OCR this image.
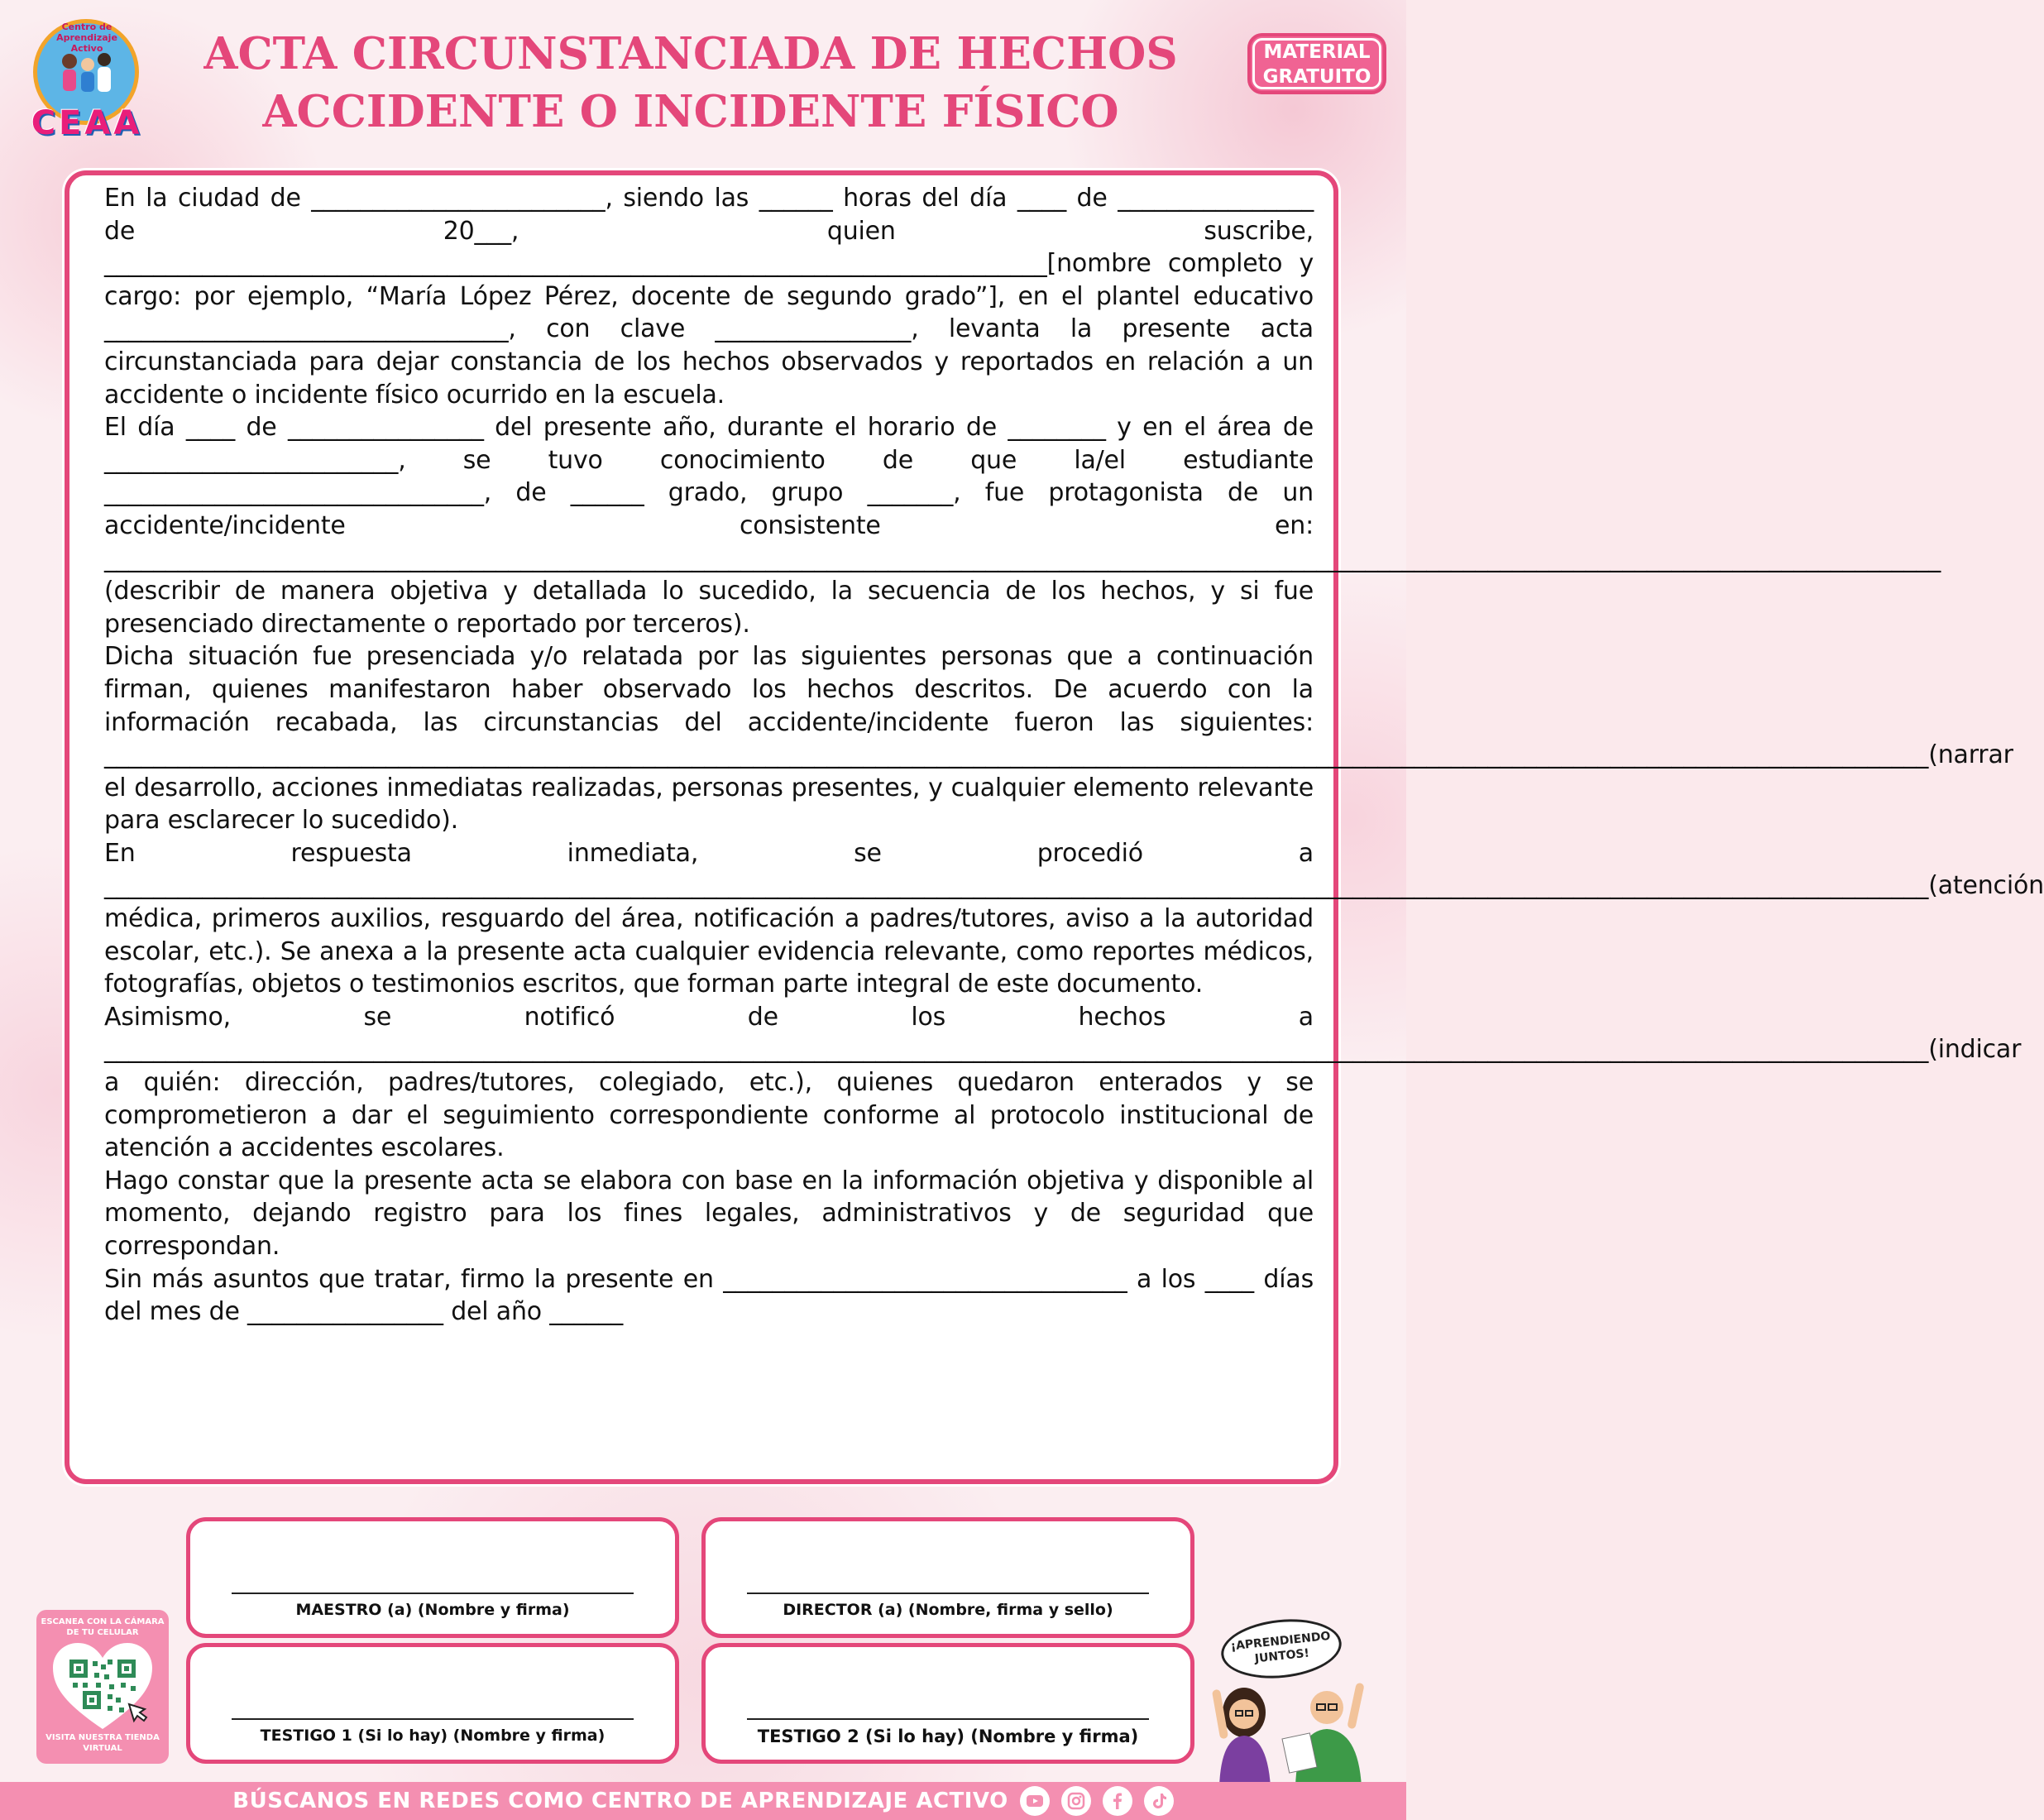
Centro de Aprendizaje Activo
CEAA
ACTA CIRCUNSTANCIADA DE HECHOS
ACCIDENTE O INCIDENTE FÍSICO
MATERIAL
GRATUITO

En la ciudad de ________________________, siendo las ______ horas del día ____ de ________________ de 20___, quien suscribe, _____________________________________________________________________________[nombre completo y cargo: por ejemplo, “María López Pérez, docente de segundo grado”], en el plantel educativo _________________________________, con clave ________________, levanta la presente acta circunstanciada para dejar constancia de los hechos observados y reportados en relación a un accidente o incidente físico ocurrido en la escuela.

El día ____ de ________________ del presente año, durante el horario de ________ y en el área de ________________________, se tuvo conocimiento de que la/el estudiante _______________________________, de ______ grado, grupo _______, fue protagonista de un accidente/incidente consistente en: ______________________________________________________________________________________________________________________________________________________ (describir de manera objetiva y detallada lo sucedido, la secuencia de los hechos, y si fue presenciado directamente o reportado por terceros).

Dicha situación fue presenciada y/o relatada por las siguientes personas que a continuación firman, quienes manifestaron haber observado los hechos descritos. De acuerdo con la información recabada, las circunstancias del accidente/incidente fueron las siguientes: _____________________________________________________________________________________________________________________________________________________(narrar el desarrollo, acciones inmediatas realizadas, personas presentes, y cualquier elemento relevante para esclarecer lo sucedido).

En respuesta inmediata, se procedió a _____________________________________________________________________________________________________________________________________________________(atención médica, primeros auxilios, resguardo del área, notificación a padres/tutores, aviso a la autoridad escolar, etc.). Se anexa a la presente acta cualquier evidencia relevante, como reportes médicos, fotografías, objetos o testimonios escritos, que forman parte integral de este documento.

Asimismo, se notificó de los hechos a _____________________________________________________________________________________________________________________________________________________(indicar a quién: dirección, padres/tutores, colegiado, etc.), quienes quedaron enterados y se comprometieron a dar el seguimiento correspondiente conforme al protocolo institucional de atención a accidentes escolares.

Hago constar que la presente acta se elabora con base en la información objetiva y disponible al momento, dejando registro para los fines legales, administrativos y de seguridad que correspondan.

Sin más asuntos que tratar, firmo la presente en _________________________________ a los ____ días del mes de ________________ del año ______

MAESTRO (a) (Nombre y firma)	DIRECTOR (a) (Nombre, firma y sello)
TESTIGO 1 (Si lo hay) (Nombre y firma)	TESTIGO 2 (Si lo hay) (Nombre y firma)
ESCANEA CON LA CÁMARA DE TU CELULAR
VISITA NUESTRA TIENDA VIRTUAL
¡APRENDIENDO JUNTOS!
BÚSCANOS EN REDES COMO CENTRO DE APRENDIZAJE ACTIVO
